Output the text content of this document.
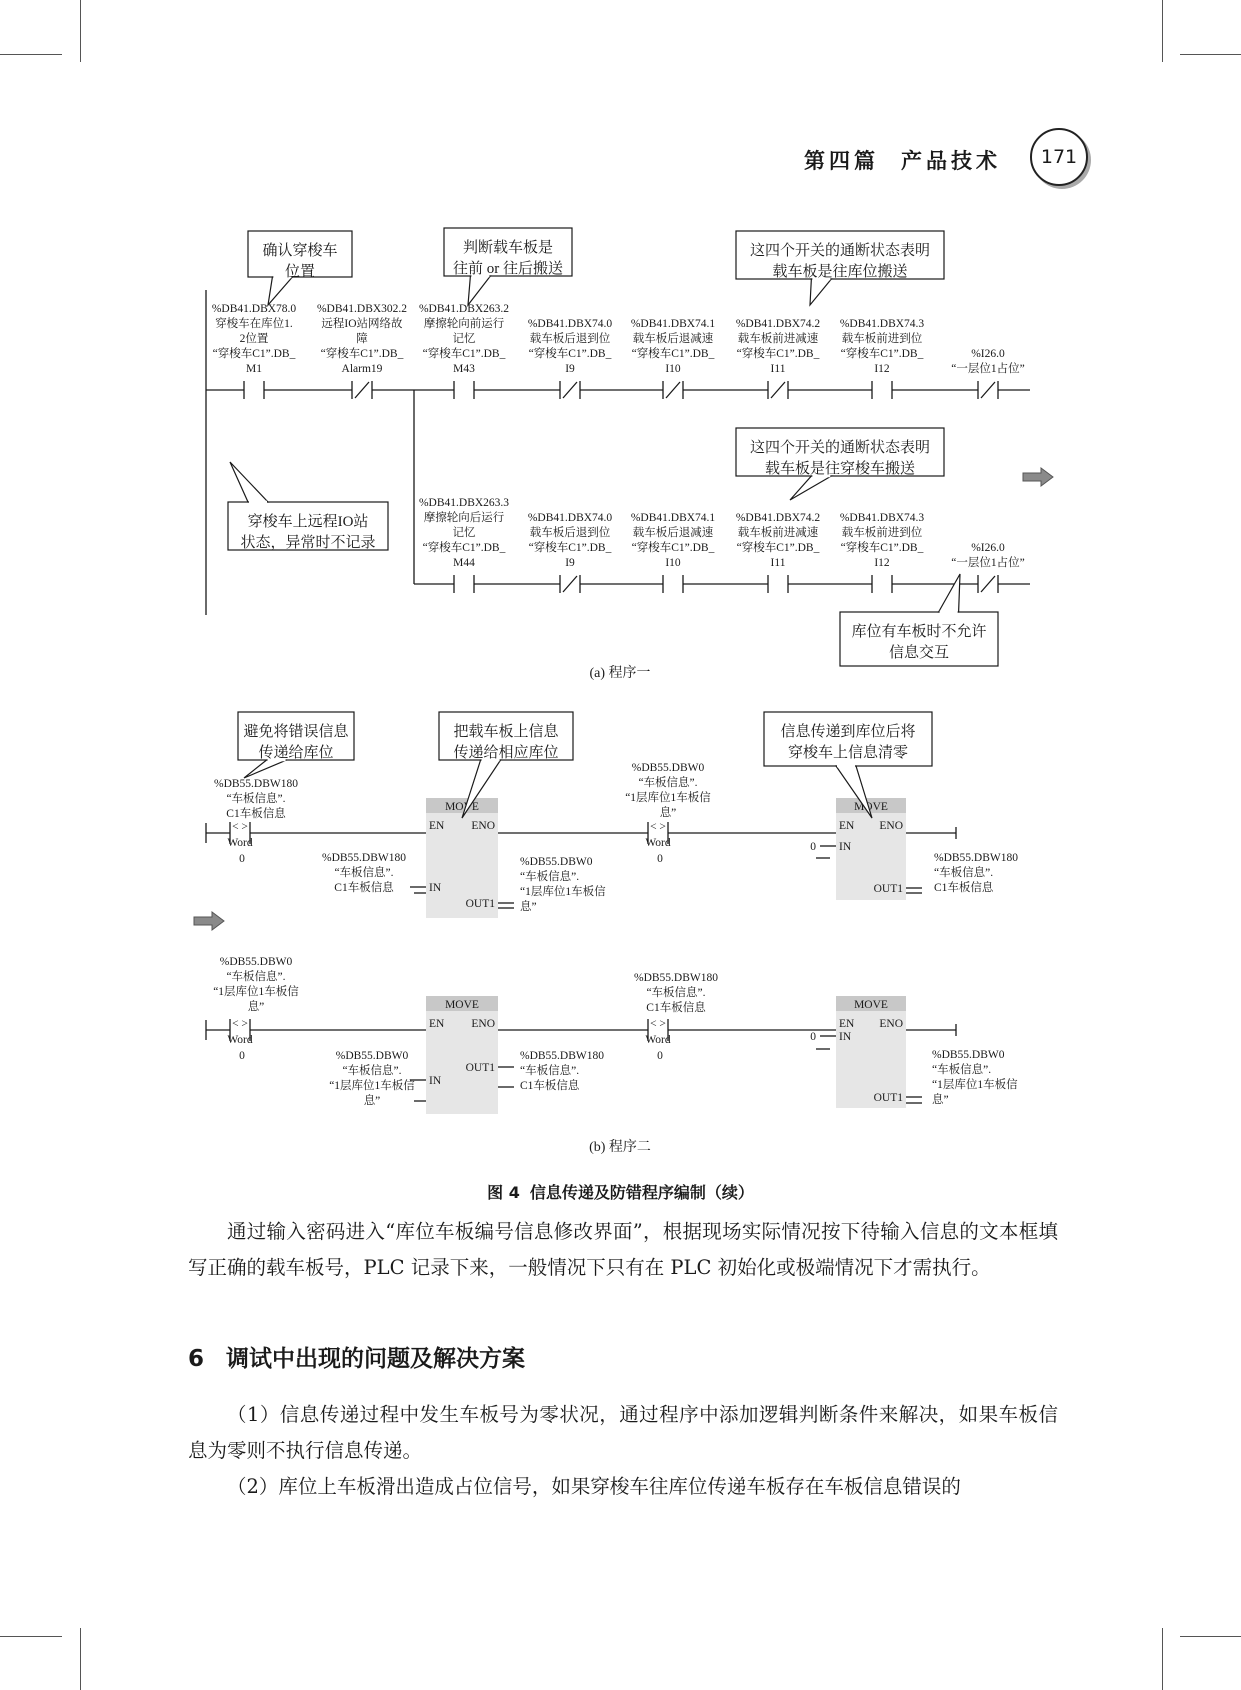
第四篇 产品技术	171
MOVE
EN ENO
IN
OUT1
MOVE
EN ENO
IN
OUT1
MOVE
EN ENO
IN
OUT1
MOVE
EN ENO
IN
OUT1
确认穿梭车
位置
判断载车板是
往前 or 往后搬送
这四个开关的通断状态表明
载车板是往库位搬送
这四个开关的通断状态表明
载车板是往穿梭车搬送
穿梭车上远程IO站
状态，异常时不记录
库位有车板时不允许
信息交互
避免将错误信息
传递给库位
把载车板上信息
传递给相应库位
信息传递到库位后将
穿梭车上信息清零
%DB41.DBX78.0
穿梭车在库位1.
2位置
“穿梭车C1”.DB_
M1
%DB41.DBX302.2
远程IO站网络故
障
“穿梭车C1”.DB_
Alarm19
%DB41.DBX263.2
摩擦轮向前运行
记忆
“穿梭车C1”.DB_
M43
%DB41.DBX74.0
载车板后退到位
“穿梭车C1”.DB_
I9
%DB41.DBX74.1
载车板后退减速
“穿梭车C1”.DB_
I10
%DB41.DBX74.2
载车板前进减速
“穿梭车C1”.DB_
I11
%DB41.DBX74.3
载车板前进到位
“穿梭车C1”.DB_
I12
%I26.0
“一层位1占位”
%DB41.DBX263.3
摩擦轮向后运行
记忆
“穿梭车C1”.DB_
M44
%DB41.DBX74.0
载车板后退到位
“穿梭车C1”.DB_
I9
%DB41.DBX74.1
载车板后退减速
“穿梭车C1”.DB_
I10
%DB41.DBX74.2
载车板前进减速
“穿梭车C1”.DB_
I11
%DB41.DBX74.3
载车板前进到位
“穿梭车C1”.DB_
I12
%I26.0
“一层位1占位”
< >
Word
0
< >
Word
0
0
< >
Word
0
< >
Word
0
0
%DB55.DBW180
“车板信息”.
C1车板信息
%DB55.DBW180
“车板信息”.
C1车板信息
%DB55.DBW0
“车板信息”.
“1层库位1车板信
息”
%DB55.DBW0
“车板信息”.
“1层库位1车板信
息”
%DB55.DBW180
“车板信息”.
C1车板信息
%DB55.DBW0
“车板信息”.
“1层库位1车板信
息”
%DB55.DBW0
“车板信息”.
“1层库位1车板信
息”
%DB55.DBW180
“车板信息”.
C1车板信息
%DB55.DBW180
“车板信息”.
C1车板信息
%DB55.DBW0
“车板信息”.
“1层库位1车板信
息”
(a) 程序一
(b) 程序二
图 4 信息传递及防错程序编制（续）
通过输入密码进入“库位车板编号信息修改界面”，根据现场实际情况按下待输入信息的文本框填写正确的载车板号，PLC 记录下来，一般情况下只有在 PLC 初始化或极端情况下才需执行。
6 调试中出现的问题及解决方案
（1）信息传递过程中发生车板号为零状况，通过程序中添加逻辑判断条件来解决，如果车板信息为零则不执行信息传递。
（2）库位上车板滑出造成占位信号，如果穿梭车往库位传递车板存在车板信息错误的
